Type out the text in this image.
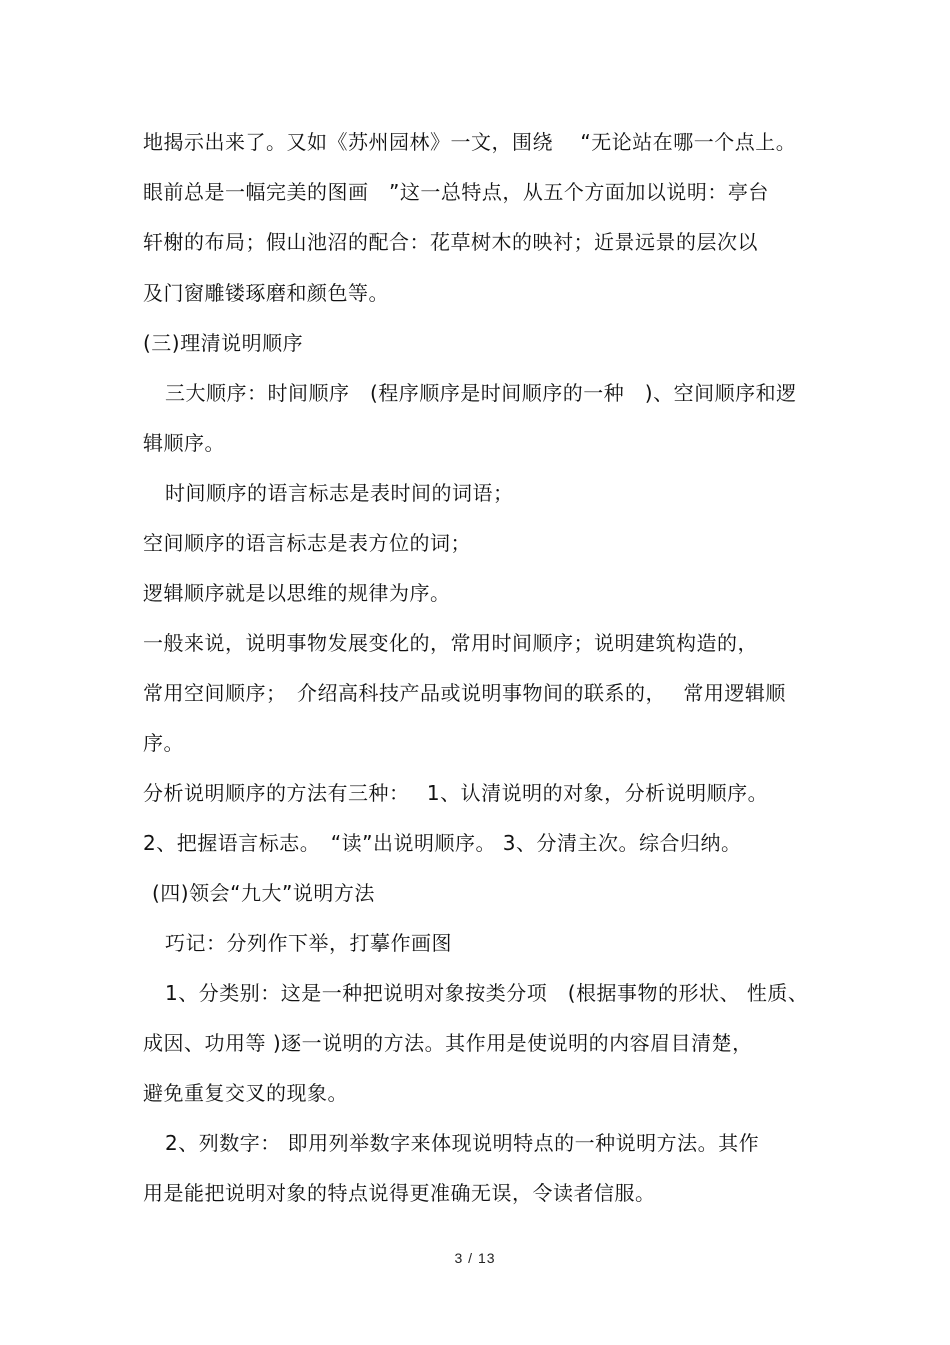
地揭示出来了。又如《苏州园林》一文，围绕　 “无论站在哪一个点上。
眼前总是一幅完美的图画　”这一总特点，从五个方面加以说明：亭台
轩榭的布局；假山池沼的配合：花草树木的映衬；近景远景的层次以
及门窗雕镂琢磨和颜色等。
(三)理清说明顺序
三大顺序：时间顺序　(程序顺序是时间顺序的一种　)、空间顺序和逻
辑顺序。
时间顺序的语言标志是表时间的词语；
空间顺序的语言标志是表方位的词；
逻辑顺序就是以思维的规律为序。
一般来说，说明事物发展变化的，常用时间顺序；说明建筑构造的，
常用空间顺序；　介绍高科技产品或说明事物间的联系的，　 常用逻辑顺
序。
分析说明顺序的方法有三种：　 1、认清说明的对象，分析说明顺序。
2、把握语言标志。　“读”出说明顺序。 3、分清主次。综合归纳。
(四)领会“九大”说明方法
巧记：分列作下举，打摹作画图
1、分类别：这是一种把说明对象按类分项　(根据事物的形状、 性质、
成因、功用等 )逐一说明的方法。其作用是使说明的内容眉目清楚，
避免重复交叉的现象。
2、列数字： 即用列举数字来体现说明特点的一种说明方法。其作
用是能把说明对象的特点说得更准确无误，令读者信服。
3 / 13
